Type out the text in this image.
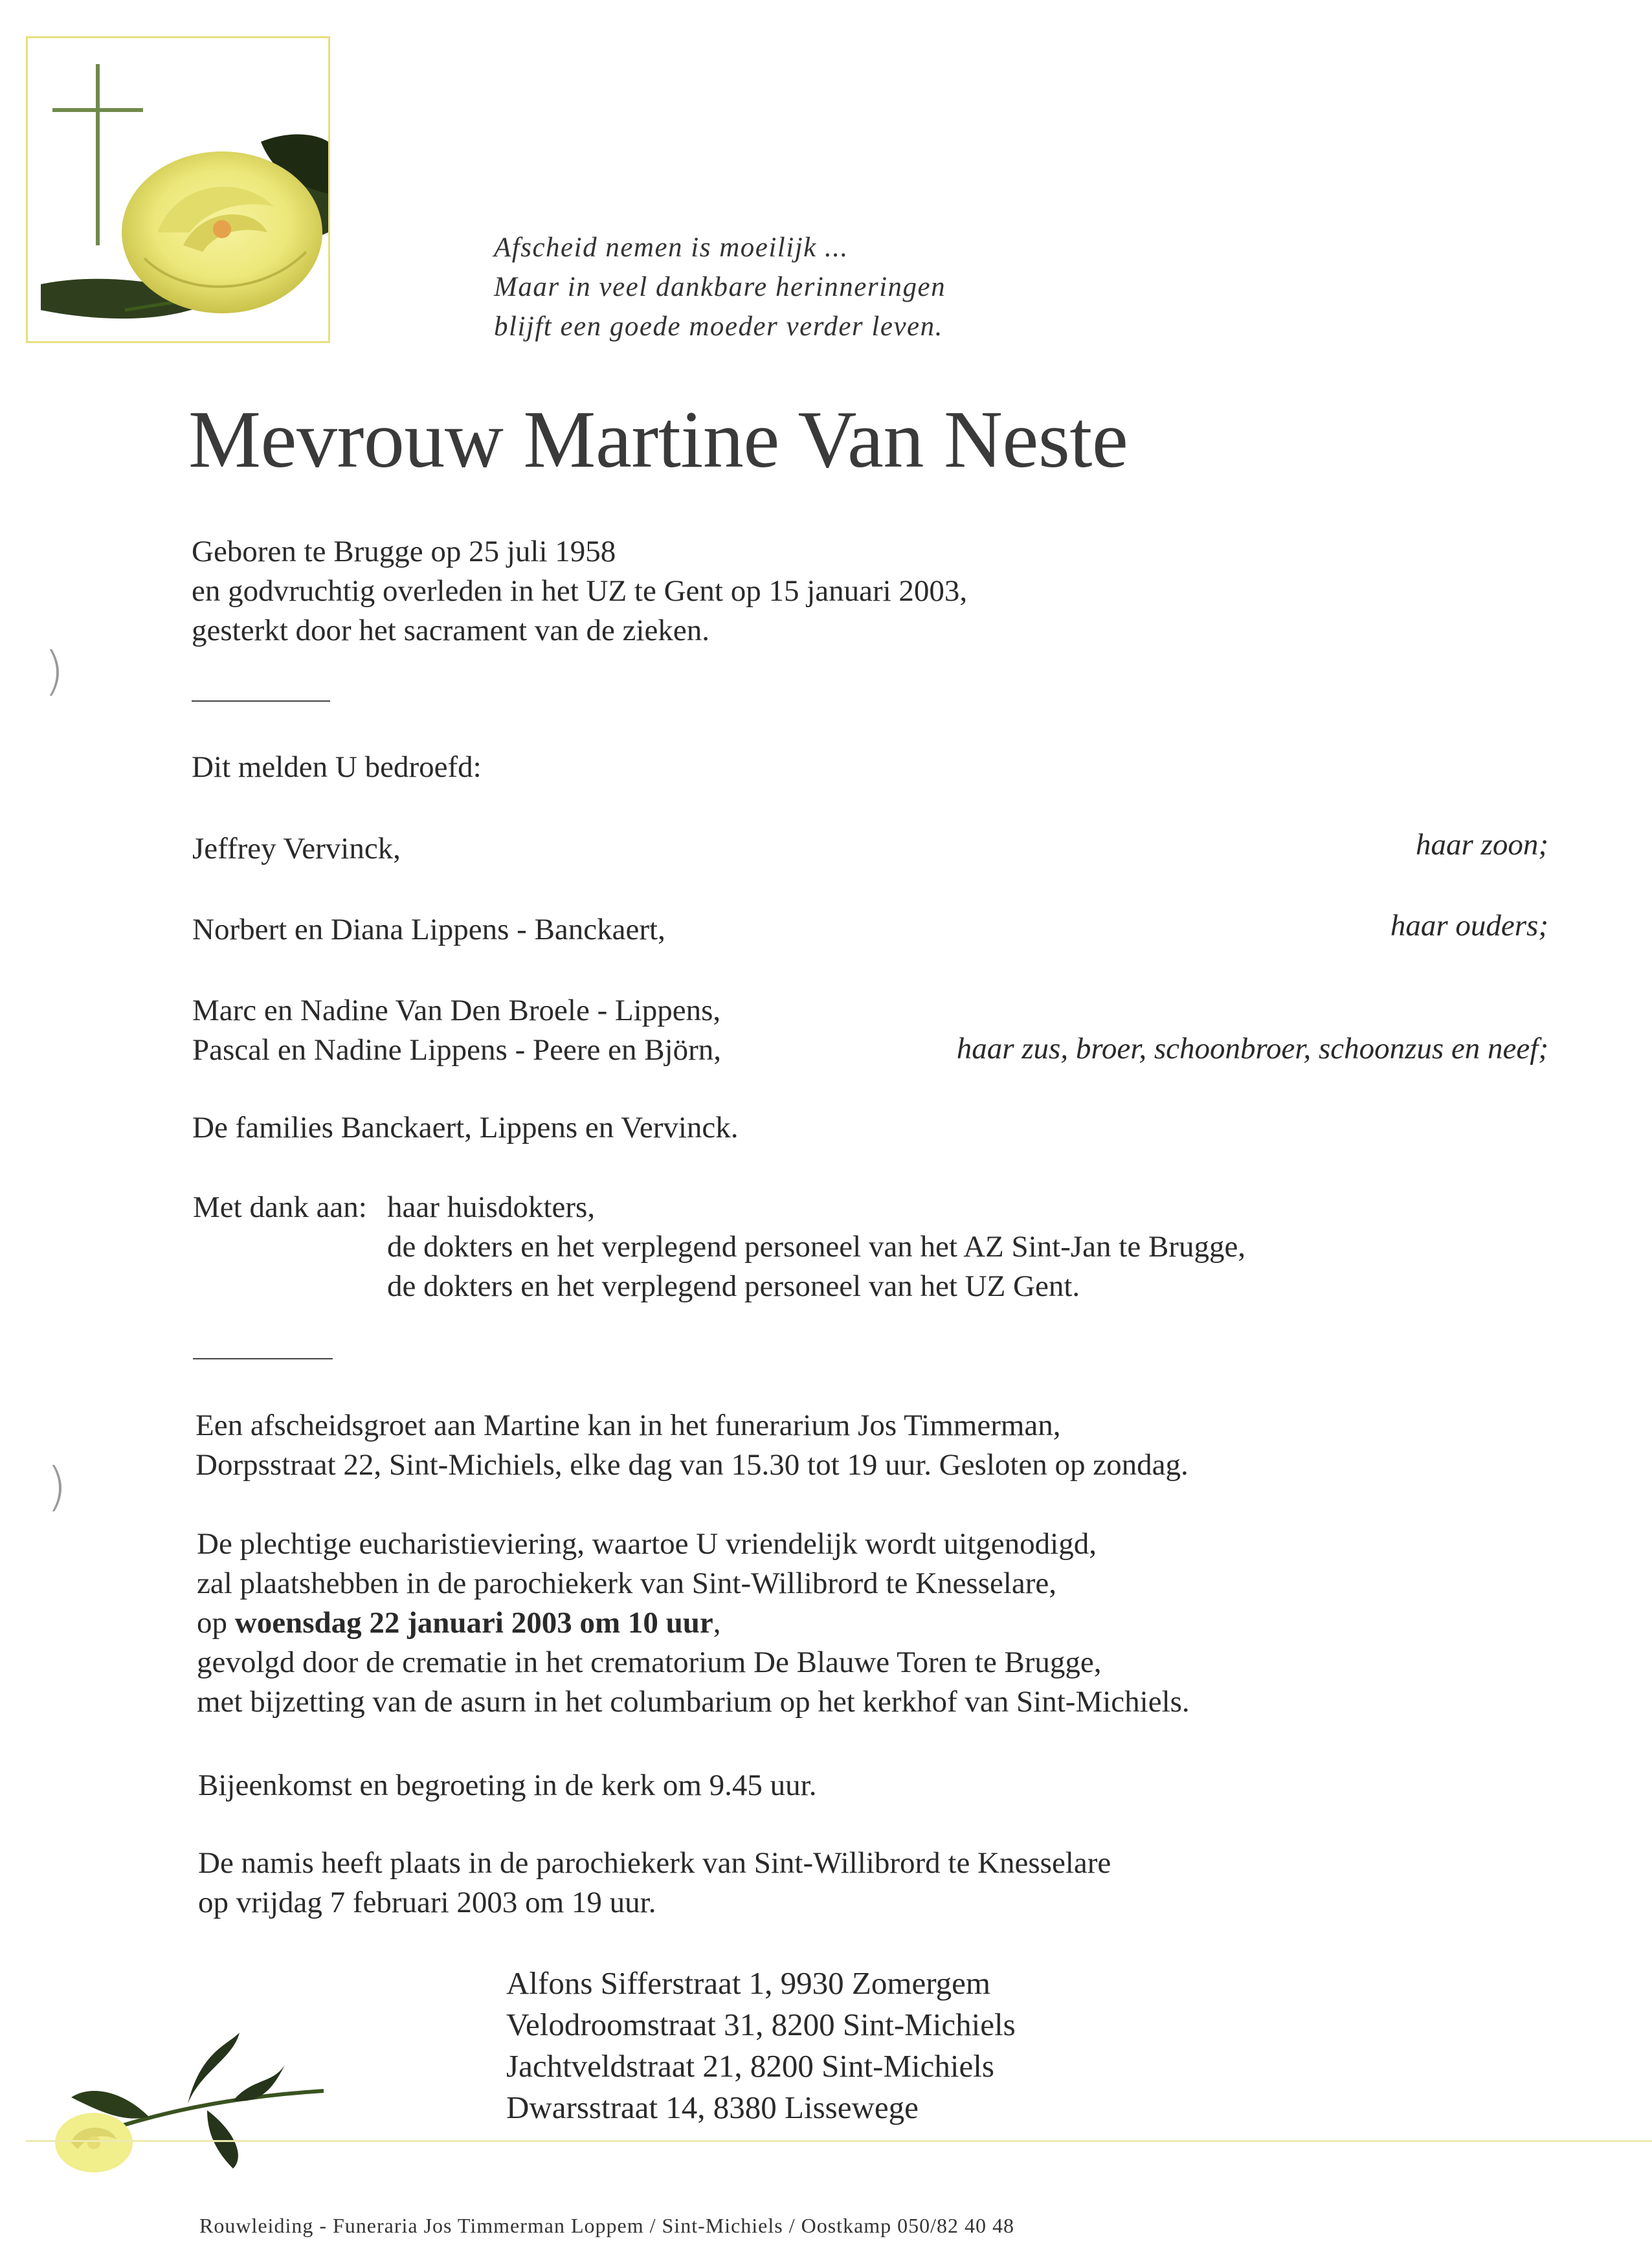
Afscheid nemen is moeilijk ...
Maar in veel dankbare herinneringen
blijft een goede moeder verder leven.
Mevrouw Martine Van Neste
Geboren te Brugge op 25 juli 1958
en godvruchtig overleden in het UZ te Gent op 15 januari 2003,
gesterkt door het sacrament van de zieken.
Dit melden U bedroefd:
Jeffrey Vervinck,	haar zoon;
Norbert en Diana Lippens - Banckaert,	haar ouders;
Marc en Nadine Van Den Broele - Lippens,
Pascal en Nadine Lippens - Peere en Björn,	haar zus, broer, schoonbroer, schoonzus en neef;
De families Banckaert, Lippens en Vervinck.
Met dank aan: haar huisdokters,
de dokters en het verplegend personeel van het AZ Sint-Jan te Brugge,
de dokters en het verplegend personeel van het UZ Gent.
Een afscheidsgroet aan Martine kan in het funerarium Jos Timmerman,
Dorpsstraat 22, Sint-Michiels, elke dag van 15.30 tot 19 uur. Gesloten op zondag.
De plechtige eucharistieviering, waartoe U vriendelijk wordt uitgenodigd,
zal plaatshebben in de parochiekerk van Sint-Willibrord te Knesselare,
op woensdag 22 januari 2003 om 10 uur,
gevolgd door de crematie in het crematorium De Blauwe Toren te Brugge,
met bijzetting van de asurn in het columbarium op het kerkhof van Sint-Michiels.
Bijeenkomst en begroeting in de kerk om 9.45 uur.
De namis heeft plaats in de parochiekerk van Sint-Willibrord te Knesselare
op vrijdag 7 februari 2003 om 19 uur.
Alfons Sifferstraat 1, 9930 Zomergem
Velodroomstraat 31, 8200 Sint-Michiels
Jachtveldstraat 21, 8200 Sint-Michiels
Dwarsstraat 14, 8380 Lissewege
Rouwleiding - Funeraria Jos Timmerman Loppem / Sint-Michiels / Oostkamp 050/82 40 48
)
)
